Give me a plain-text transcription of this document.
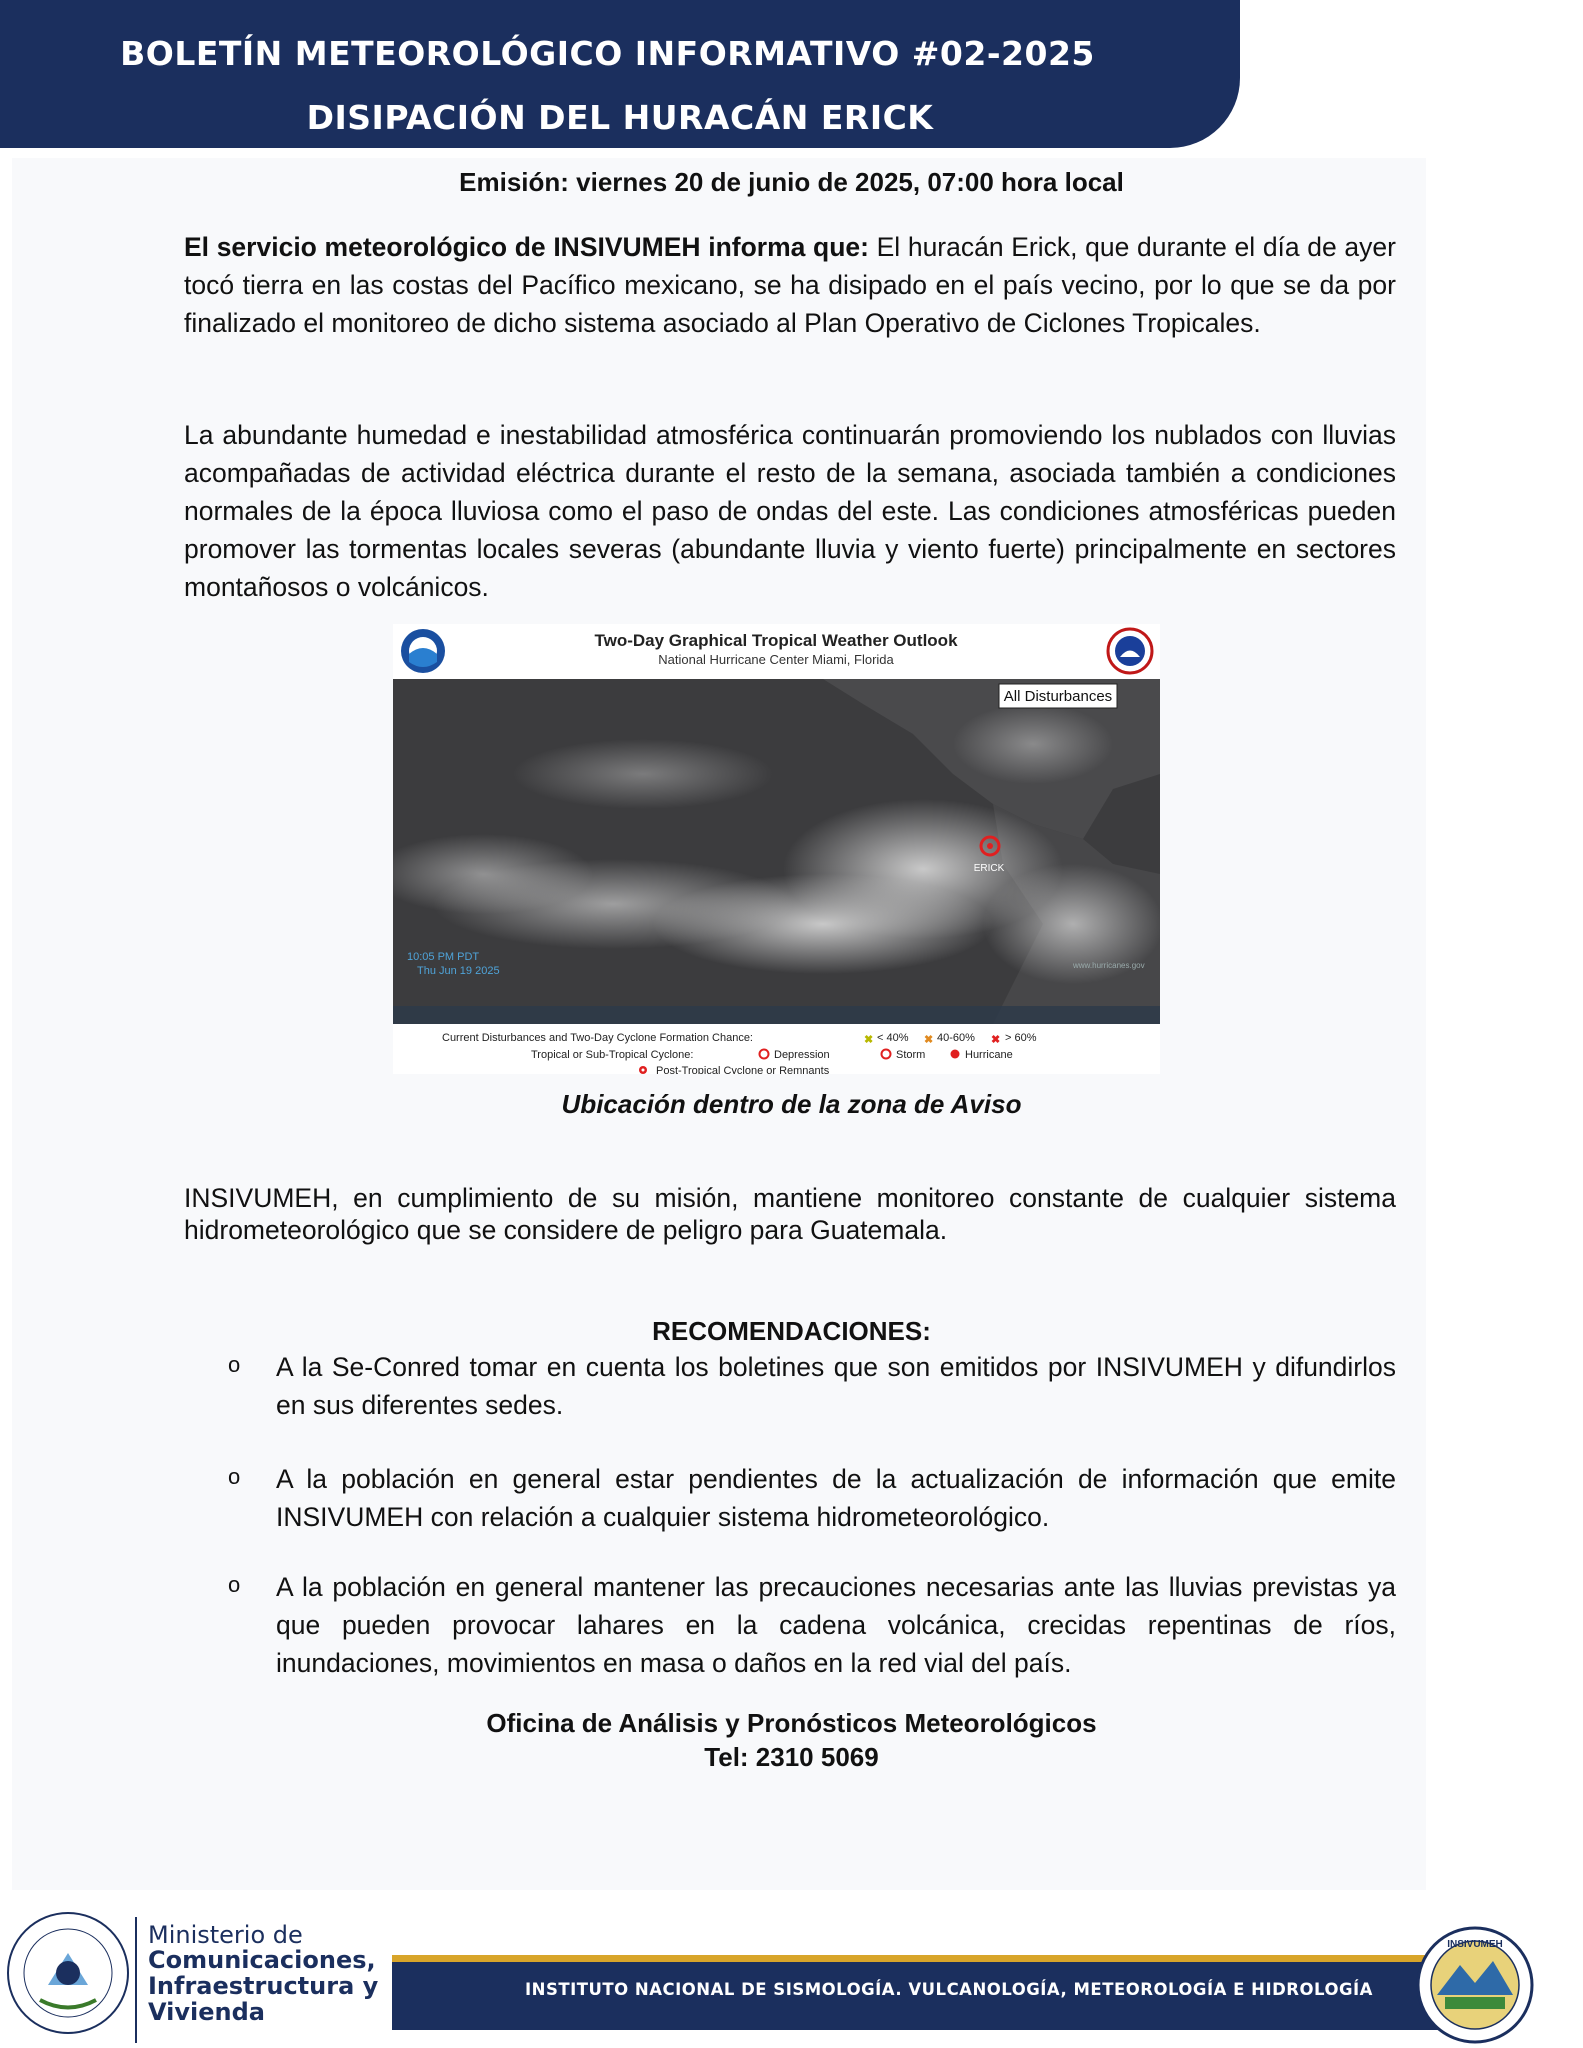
BOLETÍN METEOROLÓGICO INFORMATIVO #02-2025
DISIPACIÓN DEL HURACÁN ERICK
Emisión: viernes 20 de junio de 2025, 07:00 hora local
El servicio meteorológico de INSIVUMEH informa que: El huracán Erick, que durante el día de ayer tocó tierra en las costas del Pacífico mexicano, se ha disipado en el país vecino, por lo que se da por finalizado el monitoreo de dicho sistema asociado al Plan Operativo de Ciclones Tropicales.
La abundante humedad e inestabilidad atmosférica continuarán promoviendo los nublados con lluvias acompañadas de actividad eléctrica durante el resto de la semana, asociada también a condiciones normales de la época lluviosa como el paso de ondas del este. Las condiciones atmosféricas pueden promover las tormentas locales severas (abundante lluvia y viento fuerte) principalmente en sectores montañosos o volcánicos.
Two-Day Graphical Tropical Weather Outlook
National Hurricane Center Miami, Florida
All Disturbances
ERICK
10:05 PM PDT
Thu Jun 19 2025	www.hurricanes.gov
Current Disturbances and Two-Day Cyclone Formation Chance:	✖ < 40% ✖ 40-60% ✖ > 60%
Tropical or Sub-Tropical Cyclone:	Depression	Storm	Hurricane
Post-Tropical Cyclone or Remnants
Ubicación dentro de la zona de Aviso
INSIVUMEH, en cumplimiento de su misión, mantiene monitoreo constante de cualquier sistema hidrometeorológico que se considere de peligro para Guatemala.
RECOMENDACIONES:
o A la Se-Conred tomar en cuenta los boletines que son emitidos por INSIVUMEH y difundirlos en sus diferentes sedes.
o A la población en general estar pendientes de la actualización de información que emite INSIVUMEH con relación a cualquier sistema hidrometeorológico.
o A la población en general mantener las precauciones necesarias ante las lluvias previstas ya que pueden provocar lahares en la cadena volcánica, crecidas repentinas de ríos, inundaciones, movimientos en masa o daños en la red vial del país.
Oficina de Análisis y Pronósticos Meteorológicos
Tel: 2310 5069
Ministerio de
Comunicaciones,
Infraestructura y
Vivienda
INSTITUTO NACIONAL DE SISMOLOGÍA. VULCANOLOGÍA, METEOROLOGÍA E HIDROLOGÍA
INSIVUMEH
